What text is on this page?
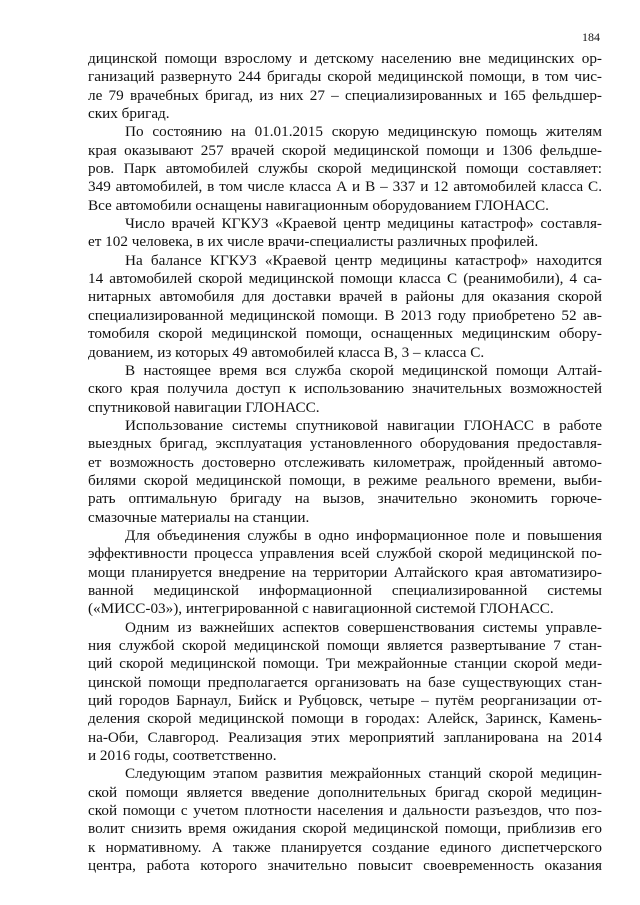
184

дицинской помощи взрослому и детскому населению вне медицинских ор-
ганизаций развернуто 244 бригады скорой медицинской помощи, в том чис-
ле 79 врачебных бригад, из них 27 – специализированных и 165 фельдшер-
ских бригад.

По состоянию на 01.01.2015 скорую медицинскую помощь жителям
края оказывают 257 врачей скорой медицинской помощи и 1306 фельдше-
ров. Парк автомобилей службы скорой медицинской помощи составляет:
349 автомобилей, в том числе класса А и В – 337 и 12 автомобилей класса С.
Все автомобили оснащены навигационным оборудованием ГЛОНАСС.

Число врачей КГКУЗ «Краевой центр медицины катастроф» составля-
ет 102 человека, в их числе врачи-специалисты различных профилей.

На балансе КГКУЗ «Краевой центр медицины катастроф» находится
14 автомобилей скорой медицинской помощи класса С (реанимобили), 4 са-
нитарных автомобиля для доставки врачей в районы для оказания скорой
специализированной медицинской помощи. В 2013 году приобретено 52 ав-
томобиля скорой медицинской помощи, оснащенных медицинским обору-
дованием, из которых 49 автомобилей класса В, 3 – класса С.

В настоящее время вся служба скорой медицинской помощи Алтай-
ского края получила доступ к использованию значительных возможностей
спутниковой навигации ГЛОНАСС.

Использование системы спутниковой навигации ГЛОНАСС в работе
выездных бригад, эксплуатация установленного оборудования предоставля-
ет возможность достоверно отслеживать километраж, пройденный автомо-
билями скорой медицинской помощи, в режиме реального времени, выби-
рать оптимальную бригаду на вызов, значительно экономить горюче-
смазочные материалы на станции.

Для объединения службы в одно информационное поле и повышения
эффективности процесса управления всей службой скорой медицинской по-
мощи планируется внедрение на территории Алтайского края автоматизиро-
ванной медицинской информационной специализированной системы
(«МИСС-03»), интегрированной с навигационной системой ГЛОНАСС.

Одним из важнейших аспектов совершенствования системы управле-
ния службой скорой медицинской помощи является развертывание 7 стан-
ций скорой медицинской помощи. Три межрайонные станции скорой меди-
цинской помощи предполагается организовать на базе существующих стан-
ций городов Барнаул, Бийск и Рубцовск, четыре – путём реорганизации от-
деления скорой медицинской помощи в городах: Алейск, Заринск, Камень-
на-Оби, Славгород. Реализация этих мероприятий запланирована на 2014
и 2016 годы, соответственно.

Следующим этапом развития межрайонных станций скорой медицин-
ской помощи является введение дополнительных бригад скорой медицин-
ской помощи с учетом плотности населения и дальности разъездов, что поз-
волит снизить время ожидания скорой медицинской помощи, приблизив его
к нормативному. А также планируется создание единого диспетчерского
центра, работа которого значительно повысит своевременность оказания
